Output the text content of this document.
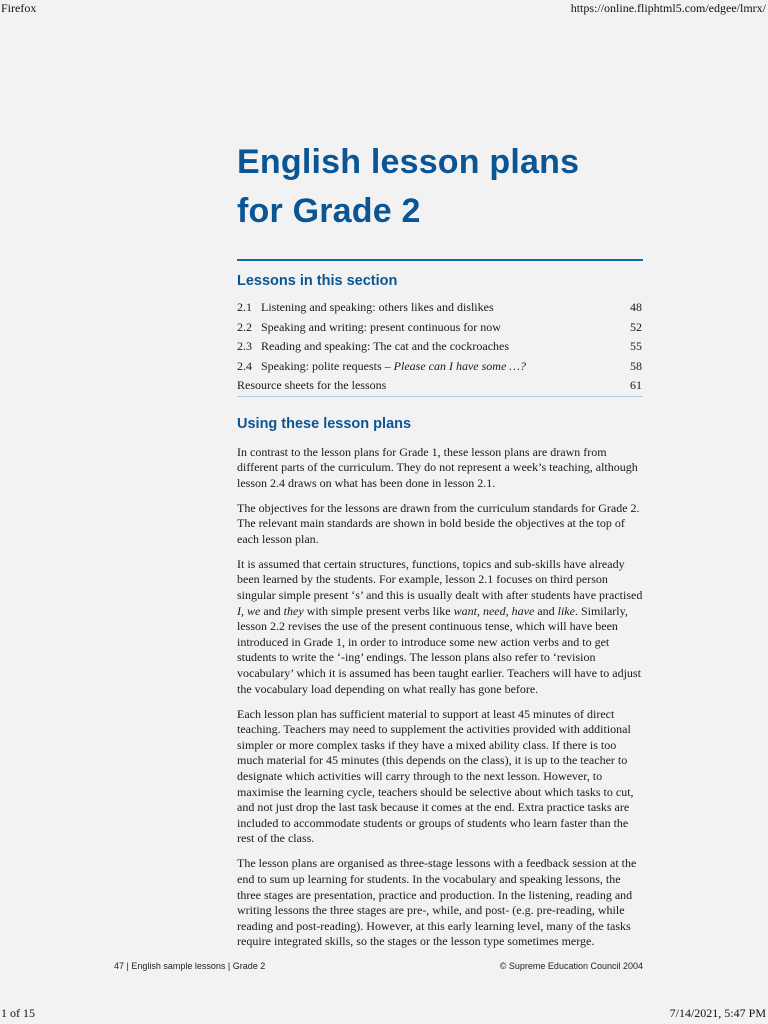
Firefox	https://online.fliphtml5.com/edgee/lmrx/
English lesson plans
for Grade 2
Lessons in this section
2.1 Listening and speaking: others likes and dislikes	48
2.2 Speaking and writing: present continuous for now	52
2.3 Reading and speaking: The cat and the cockroaches	55
2.4 Speaking: polite requests – Please can I have some …?	58
Resource sheets for the lessons	61
Using these lesson plans

In contrast to the lesson plans for Grade 1, these lesson plans are drawn from different parts of the curriculum. They do not represent a week’s teaching, although lesson 2.4 draws on what has been done in lesson 2.1.

The objectives for the lessons are drawn from the curriculum standards for Grade 2. The relevant main standards are shown in bold beside the objectives at the top of each lesson plan.

It is assumed that certain structures, functions, topics and sub-skills have already been learned by the students. For example, lesson 2.1 focuses on third person singular simple present ‘s’ and this is usually dealt with after students have practised I, we and they with simple present verbs like want, need, have and like. Similarly, lesson 2.2 revises the use of the present continuous tense, which will have been introduced in Grade 1, in order to introduce some new action verbs and to get students to write the ‘-ing’ endings. The lesson plans also refer to ‘revision vocabulary’ which it is assumed has been taught earlier. Teachers will have to adjust the vocabulary load depending on what really has gone before.

Each lesson plan has sufficient material to support at least 45 minutes of direct teaching. Teachers may need to supplement the activities provided with additional simpler or more complex tasks if they have a mixed ability class. If there is too much material for 45 minutes (this depends on the class), it is up to the teacher to designate which activities will carry through to the next lesson. However, to maximise the learning cycle, teachers should be selective about which tasks to cut, and not just drop the last task because it comes at the end. Extra practice tasks are included to accommodate students or groups of students who learn faster than the rest of the class.

The lesson plans are organised as three-stage lessons with a feedback session at the end to sum up learning for students. In the vocabulary and speaking lessons, the three stages are presentation, practice and production. In the listening, reading and writing lessons the three stages are pre-, while, and post- (e.g. pre-reading, while reading and post-reading). However, at this early learning level, many of the tasks require integrated skills, so the stages or the lesson type sometimes merge.

47 | English sample lessons | Grade 2	© Supreme Education Council 2004
1 of 15	7/14/2021, 5:47 PM
